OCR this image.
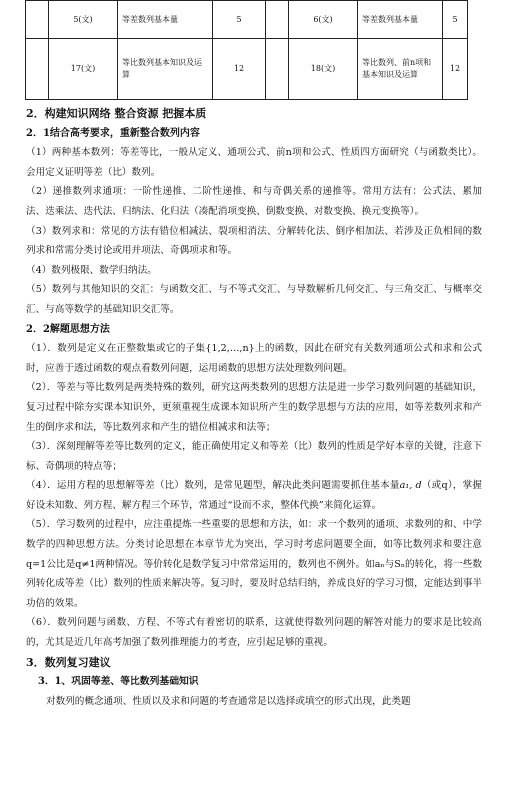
	5(文)	等差数列基本量	5		6(文)	等差数列基本量	5
	17(文)	等比数列基本知识及运算	12		18(文)	等比数列、前n项和基本知识及运算	12

2．构建知识网络 整合资源 把握本质

2．1结合高考要求，重新整合数列内容

（1）两种基本数列：等差等比，一般从定义、通项公式、前n项和公式、性质四方面研究（与函数类比）。会用定义证明等差（比）数列。

（2）递推数列求通项：一阶性递推、二阶性递推、和与奇偶关系的递推等。常用方法有：公式法、累加法、迭乘法、迭代法、归纳法、化归法（凑配消项变换、倒数变换、对数变换、换元变换等）。

（3）数列求和：常见的方法有错位相减法、裂项相消法、分解转化法、倒序相加法、若涉及正负相间的数列求和常需分类讨论或用并项法、奇偶项求和等。

（4）数列极限、数学归纳法。

（5）数列与其他知识的交汇：与函数交汇、与不等式交汇、与导数解析几何交汇、与三角交汇、与概率交汇、与高等数学的基础知识交汇等。

2．2解题思想方法

（1）．数列是定义在正整数集或它的子集{1,2,…,n}上的函数，因此在研究有关数列通项公式和求和公式时，应善于透过函数的观点看数列问题，运用函数的思想方法处理数列问题。

（2）．等差与等比数列是两类特殊的数列，研究这两类数列的思想方法是进一步学习数列问题的基础知识，复习过程中除夯实课本知识外，更须重视生成课本知识所产生的数学思想与方法的应用，如等差数列求和产生的倒序求和法，等比数列求和产生的错位相减求和法等；

（3）．深刻理解等差等比数列的定义，能正确使用定义和等差（比）数列的性质是学好本章的关键，注意下标、奇偶项的特点等；

（4）．运用方程的思想解等差（比）数列，是常见题型，解决此类问题需要抓住基本量a₁, d（或q），掌握好设未知数、列方程、解方程三个环节，常通过“设而不求，整体代换”来简化运算。

（5）．学习数列的过程中，应注重提炼一些重要的思想和方法，如：求一个数列的通项、求数列的和、中学数学的四种思想方法。分类讨论思想在本章节尤为突出，学习时考虑问题要全面，如等比数列求和要注意q=1公比是q≠1两种情况。等价转化是数学复习中常常运用的，数列也不例外。如aₙ与Sₙ的转化，将一些数列转化成等差（比）数列的性质来解决等。复习时，要及时总结归纳，养成良好的学习习惯，定能达到事半功倍的效果。

（6）．数列问题与函数、方程、不等式有着密切的联系，这就使得数列问题的解答对能力的要求是比较高的，尤其是近几年高考加强了数列推理能力的考查，应引起足够的重视。

3．数列复习建议

3．1、巩固等差、等比数列基础知识

对数列的概念通项、性质以及求和问题的考查通常是以选择或填空的形式出现，此类题
